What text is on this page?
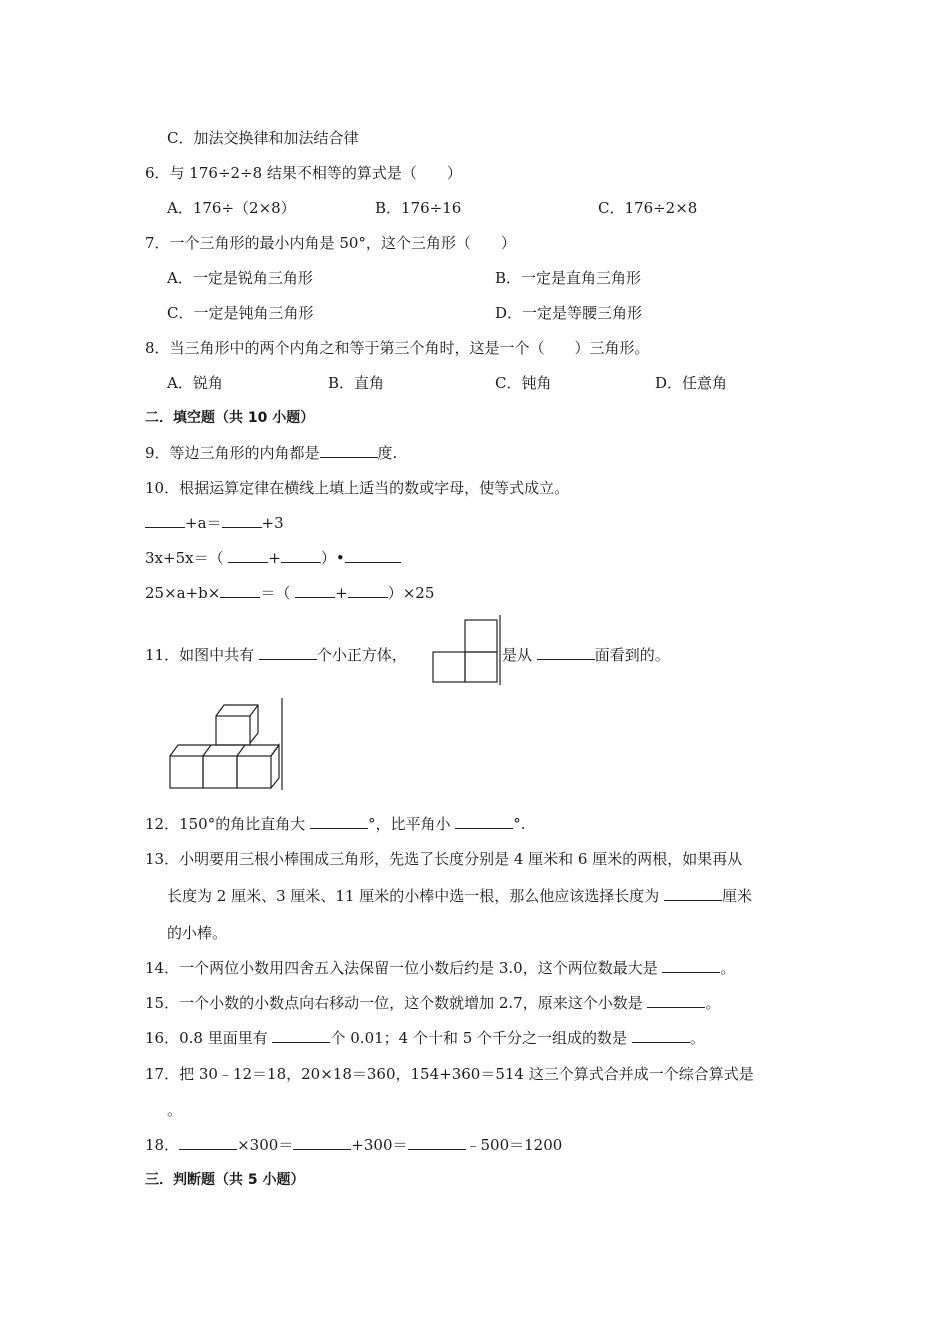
C．加法交换律和加法结合律
6．与 176÷2÷8 结果不相等的算式是（　　）
A．176÷（2×8）	B．176÷16	C．176÷2×8
7．一个三角形的最小内角是 50°，这个三角形（　　）
A．一定是锐角三角形	B．一定是直角三角形
C．一定是钝角三角形	D．一定是等腰三角形
8．当三角形中的两个内角之和等于第三个角时，这是一个（　　）三角形。
A．锐角	B．直角	C．钝角	D．任意角
二．填空题（共 10 小题）
9．等边三角形的内角都是	度.
10．根据运算定律在横线上填上适当的数或字母，使等式成立。
+a＝	+3
3x+5x＝（	+	）•
25×a+b×	＝（	+	）×25
11．如图中共有	个小正方体，	是从	面看到的。
12．150°的角比直角大	°，比平角小	°.
13．小明要用三根小棒围成三角形，先选了长度分别是 4 厘米和 6 厘米的两根，如果再从
长度为 2 厘米、3 厘米、11 厘米的小棒中选一根，那么他应该选择长度为	厘米
的小棒。
14．一个两位小数用四舍五入法保留一位小数后约是 3.0，这个两位数最大是	。
15．一个小数的小数点向右移动一位，这个数就增加 2.7，原来这个小数是	。
16．0.8 里面里有	个 0.01；4 个十和 5 个千分之一组成的数是	。
17．把 30﹣12＝18，20×18＝360，154+360＝514 这三个算式合并成一个综合算式是
。
18．	×300＝	+300＝	﹣500＝1200
三．判断题（共 5 小题）
